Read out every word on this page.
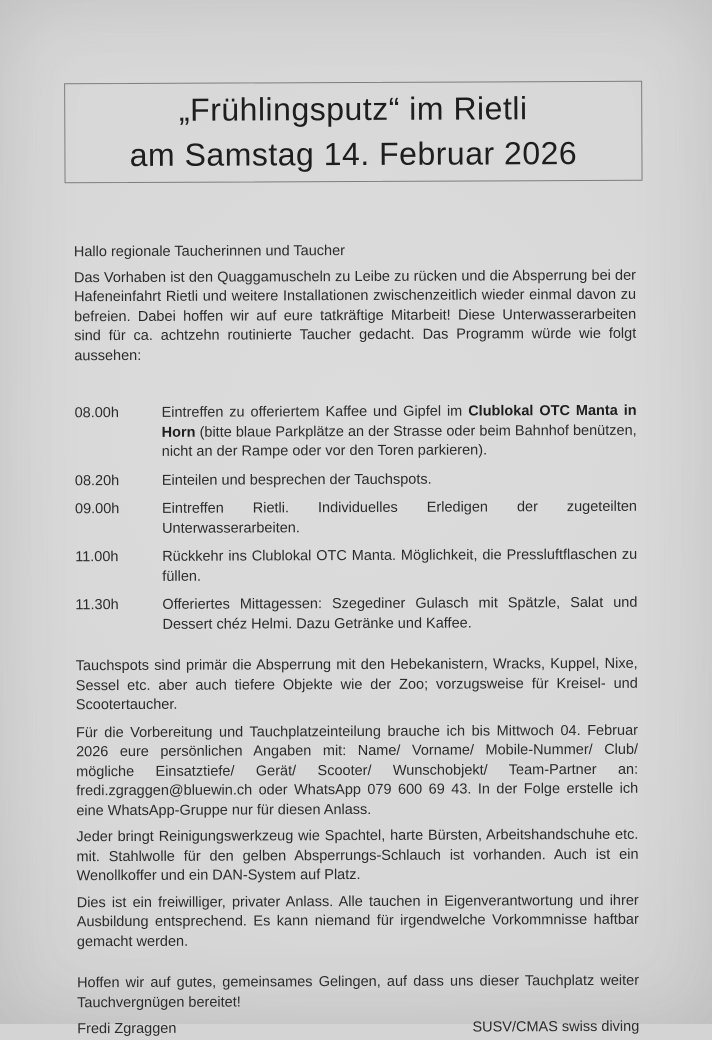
„Frühlingsputz“ im Rietli
am Samstag 14. Februar 2026

Hallo regionale Taucherinnen und Taucher

Das Vorhaben ist den Quaggamuscheln zu Leibe zu rücken und die Absperrung bei der Hafeneinfahrt Rietli und weitere Installationen zwischenzeitlich wieder einmal davon zu befreien. Dabei hoffen wir auf eure tatkräftige Mitarbeit! Diese Unterwasserarbeiten sind für ca. achtzehn routinierte Taucher gedacht. Das Programm würde wie folgt aussehen:

08.00h	Eintreffen zu offeriertem Kaffee und Gipfel im Clublokal OTC Manta in Horn (bitte blaue Parkplätze an der Strasse oder beim Bahnhof benützen, nicht an der Rampe oder vor den Toren parkieren).
08.20h	Einteilen und besprechen der Tauchspots.
09.00h	Eintreffen Rietli. Individuelles Erledigen der zugeteilten Unterwasserarbeiten.
11.00h	Rückkehr ins Clublokal OTC Manta. Möglichkeit, die Pressluftflaschen zu füllen.
11.30h	Offeriertes Mittagessen: Szegediner Gulasch mit Spätzle, Salat und Dessert chéz Helmi. Dazu Getränke und Kaffee.

Tauchspots sind primär die Absperrung mit den Hebekanistern, Wracks, Kuppel, Nixe, Sessel etc. aber auch tiefere Objekte wie der Zoo; vorzugsweise für Kreisel- und Scootertaucher.

Für die Vorbereitung und Tauchplatzeinteilung brauche ich bis Mittwoch 04. Februar 2026 eure persönlichen Angaben mit: Name/ Vorname/ Mobile-Nummer/ Club/ mögliche Einsatztiefe/ Gerät/ Scooter/ Wunschobjekt/ Team-Partner an: fredi.zgraggen@bluewin.ch oder WhatsApp 079 600 69 43. In der Folge erstelle ich eine WhatsApp-Gruppe nur für diesen Anlass.

Jeder bringt Reinigungswerkzeug wie Spachtel, harte Bürsten, Arbeitshandschuhe etc. mit. Stahlwolle für den gelben Absperrungs-Schlauch ist vorhanden. Auch ist ein Wenollkoffer und ein DAN-System auf Platz.

Dies ist ein freiwilliger, privater Anlass. Alle tauchen in Eigenverantwortung und ihrer Ausbildung entsprechend. Es kann niemand für irgendwelche Vorkommnisse haftbar gemacht werden.

Hoffen wir auf gutes, gemeinsames Gelingen, auf dass uns dieser Tauchplatz weiter Tauchvergnügen bereitet!

Fredi Zgraggen	SUSV/CMAS swiss diving
